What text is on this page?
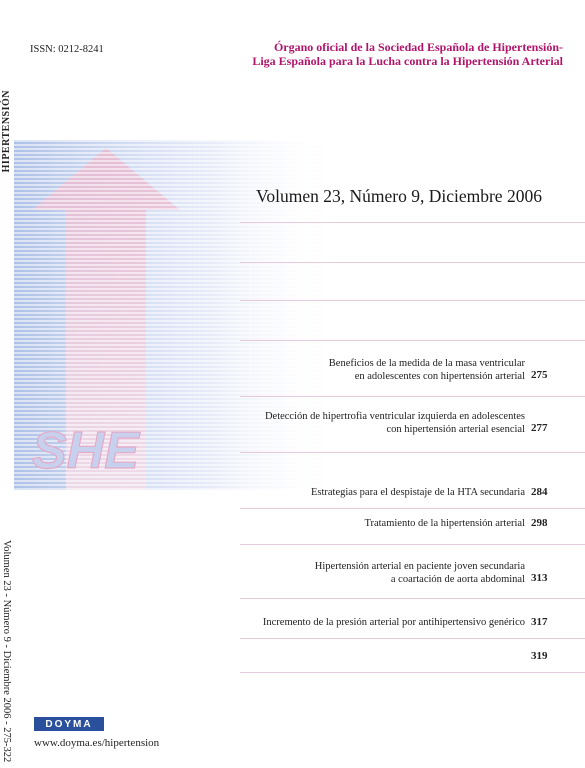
HIPERTENSIÓN
Volumen 23 - Número 9 - Diciembre 2006 - 275-322
ISSN: 0212-8241	Órgano oficial de la Sociedad Española de Hipertensión-
Liga Española para la Lucha contra la Hipertensión Arterial
SHE
Volumen 23, Número 9, Diciembre 2006
Beneficios de la medida de la masa ventricular
en adolescentes con hipertensión arterial 275
Detección de hipertrofia ventricular izquierda en adolescentes
con hipertensión arterial esencial 277
Estrategias para el despistaje de la HTA secundaria 284
Tratamiento de la hipertensión arterial 298
Hipertensión arterial en paciente joven secundaria
a coartación de aorta abdominal 313
Incremento de la presión arterial por antihipertensivo genérico 317
319
DOYMA
www.doyma.es/hipertension
